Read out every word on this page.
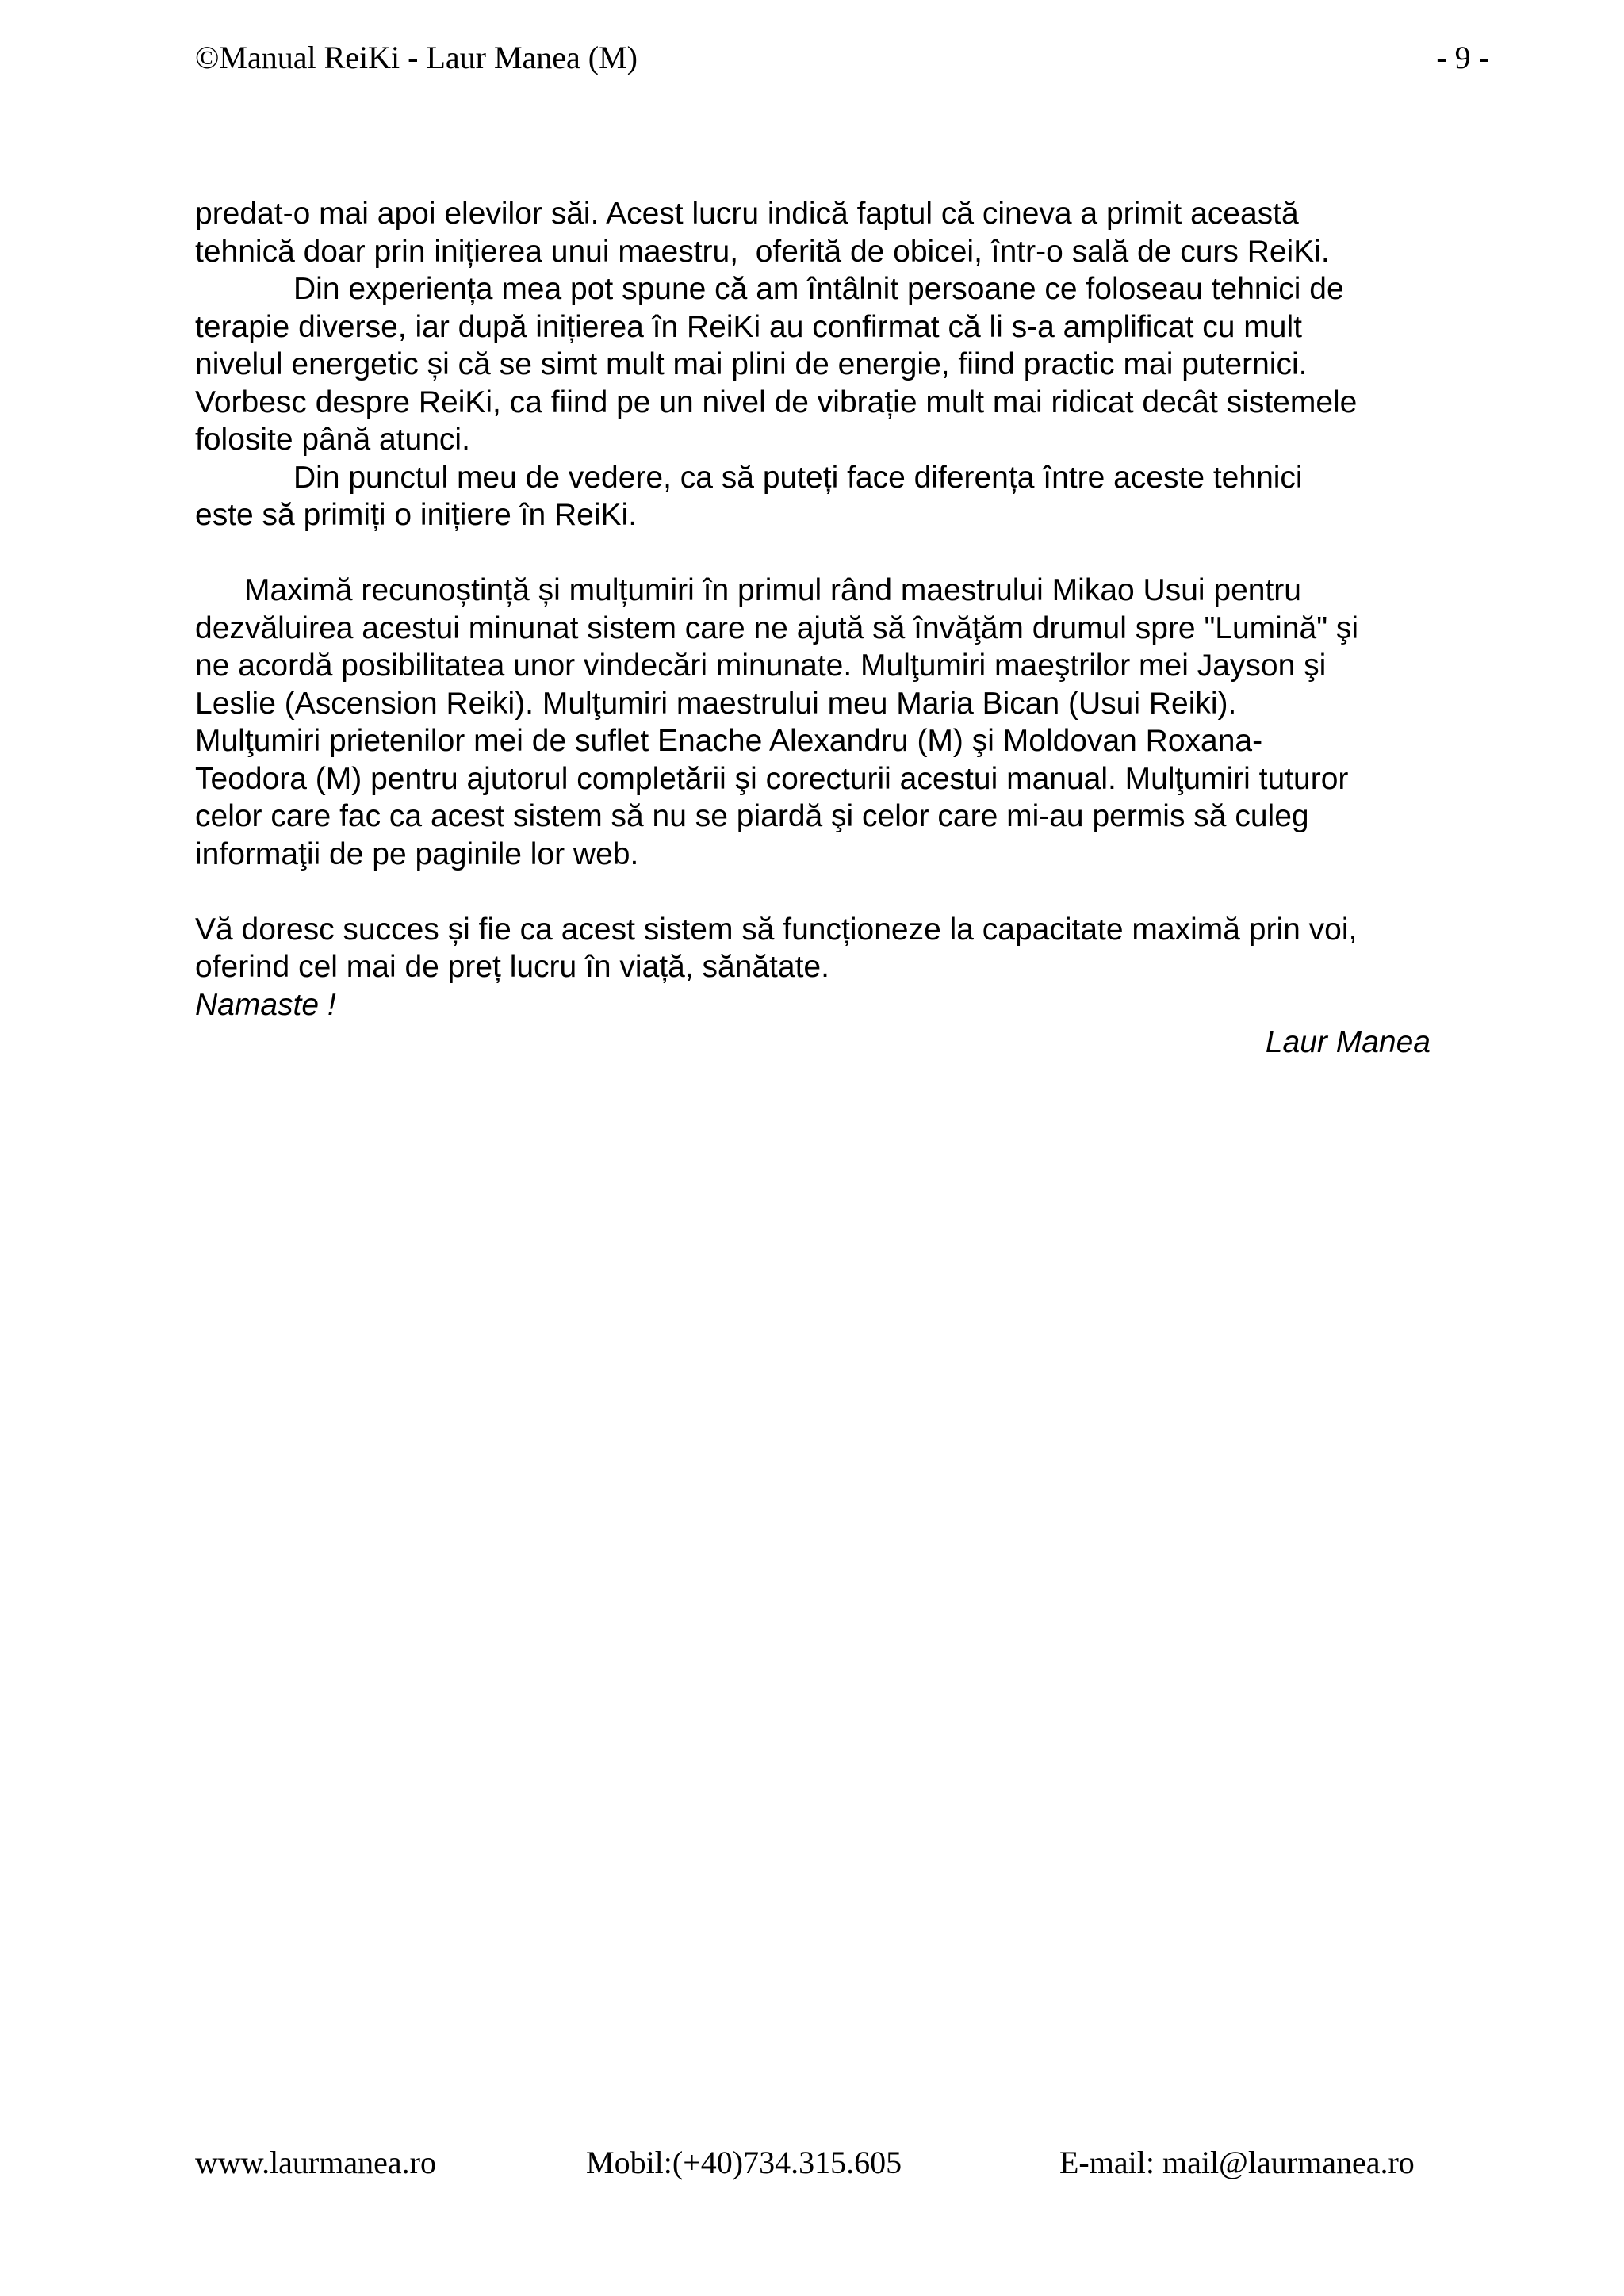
©Manual ReiKi - Laur Manea (M)	- 9 -
predat-o mai apoi elevilor săi. Acest lucru indică faptul că cineva a primit această
tehnică doar prin inițierea unui maestru,  oferită de obicei, într-o sală de curs ReiKi.
Din experiența mea pot spune că am întâlnit persoane ce foloseau tehnici de
terapie diverse, iar după inițierea în ReiKi au confirmat că li s-a amplificat cu mult
nivelul energetic și că se simt mult mai plini de energie, fiind practic mai puternici.
Vorbesc despre ReiKi, ca fiind pe un nivel de vibrație mult mai ridicat decât sistemele
folosite până atunci.
Din punctul meu de vedere, ca să puteți face diferența între aceste tehnici
este să primiți o inițiere în ReiKi.
Maximă recunoștință și mulțumiri în primul rând maestrului Mikao Usui pentru
dezvăluirea acestui minunat sistem care ne ajută să învăţăm drumul spre "Lumină" şi
ne acordă posibilitatea unor vindecări minunate. Mulţumiri maeştrilor mei Jayson şi
Leslie (Ascension Reiki). Mulţumiri maestrului meu Maria Bican (Usui Reiki).
Mulţumiri prietenilor mei de suflet Enache Alexandru (M) şi Moldovan Roxana-
Teodora (M) pentru ajutorul completării şi corecturii acestui manual. Mulţumiri tuturor
celor care fac ca acest sistem să nu se piardă şi celor care mi-au permis să culeg
informaţii de pe paginile lor web.
Vă doresc succes și fie ca acest sistem să funcționeze la capacitate maximă prin voi,
oferind cel mai de preț lucru în viață, sănătate.
Namaste !
Laur Manea
www.laurmanea.ro	Mobil:(+40)734.315.605	E-mail: mail@laurmanea.ro
